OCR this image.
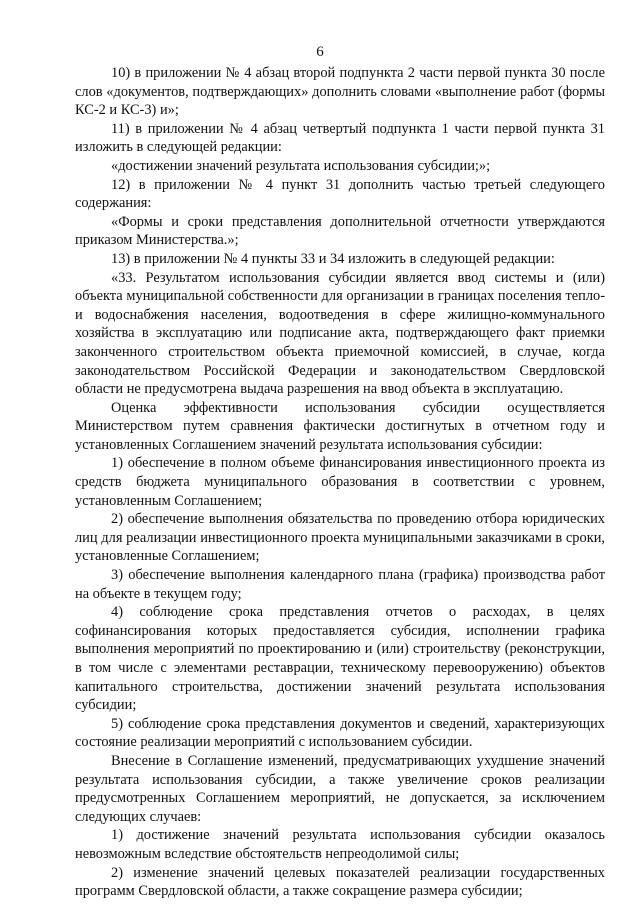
6

10) в приложении № 4 абзац второй подпункта 2 части первой пункта 30 после слов «документов, подтверждающих» дополнить словами «выполнение работ (формы КС-2 и КС-3) и»;

11) в приложении № 4 абзац четвертый подпункта 1 части первой пункта 31 изложить в следующей редакции:

«достижении значений результата использования субсидии;»;

12) в приложении № 4 пункт 31 дополнить частью третьей следующего содержания:

«Формы и сроки представления дополнительной отчетности утверждаются приказом Министерства.»;

13) в приложении № 4 пункты 33 и 34 изложить в следующей редакции:

«33. Результатом использования субсидии является ввод системы и (или) объекта муниципальной собственности для организации в границах поселения тепло- и водоснабжения населения, водоотведения в сфере жилищно-коммунального хозяйства в эксплуатацию или подписание акта, подтверждающего факт приемки законченного строительством объекта приемочной комиссией, в случае, когда законодательством Российской Федерации и законодательством Свердловской области не предусмотрена выдача разрешения на ввод объекта в эксплуатацию.

Оценка эффективности использования субсидии осуществляется Министерством путем сравнения фактически достигнутых в отчетном году и установленных Соглашением значений результата использования субсидии:

1) обеспечение в полном объеме финансирования инвестиционного проекта из средств бюджета муниципального образования в соответствии с уровнем, установленным Соглашением;

2) обеспечение выполнения обязательства по проведению отбора юридических лиц для реализации инвестиционного проекта муниципальными заказчиками в сроки, установленные Соглашением;

3) обеспечение выполнения календарного плана (графика) производства работ на объекте в текущем году;

4) соблюдение срока представления отчетов о расходах, в целях софинансирования которых предоставляется субсидия, исполнении графика выполнения мероприятий по проектированию и (или) строительству (реконструкции, в том числе с элементами реставрации, техническому перевооружению) объектов капитального строительства, достижении значений результата использования субсидии;

5) соблюдение срока представления документов и сведений, характеризующих состояние реализации мероприятий с использованием субсидии.

Внесение в Соглашение изменений, предусматривающих ухудшение значений результата использования субсидии, а также увеличение сроков реализации предусмотренных Соглашением мероприятий, не допускается, за исключением следующих случаев:

1) достижение значений результата использования субсидии оказалось невозможным вследствие обстоятельств непреодолимой силы;

2) изменение значений целевых показателей реализации государственных программ Свердловской области, а также сокращение размера субсидии;
